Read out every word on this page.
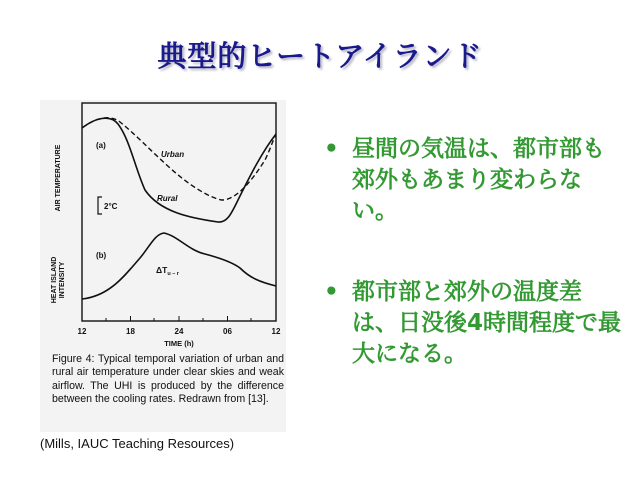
典型的ヒートアイランド
12	18	24	06	12
TIME (h)
AIR TEMPERATURE
HEAT ISLAND INTENSITY
(a)
(b)
2°C
Urban
Rural
$\Delta T_{u - r}$
Figure 4: Typical temporal variation of urban and rural air temperature under clear skies and weak airflow. The UHI is produced by the difference between the cooling rates. Redrawn from [13].
(Mills, IAUC Teaching Resources)
• 昼間の気温は、都市部も郊外もあまり変わらない。
• 都市部と郊外の温度差は、日没後4時間程度で最大になる。
